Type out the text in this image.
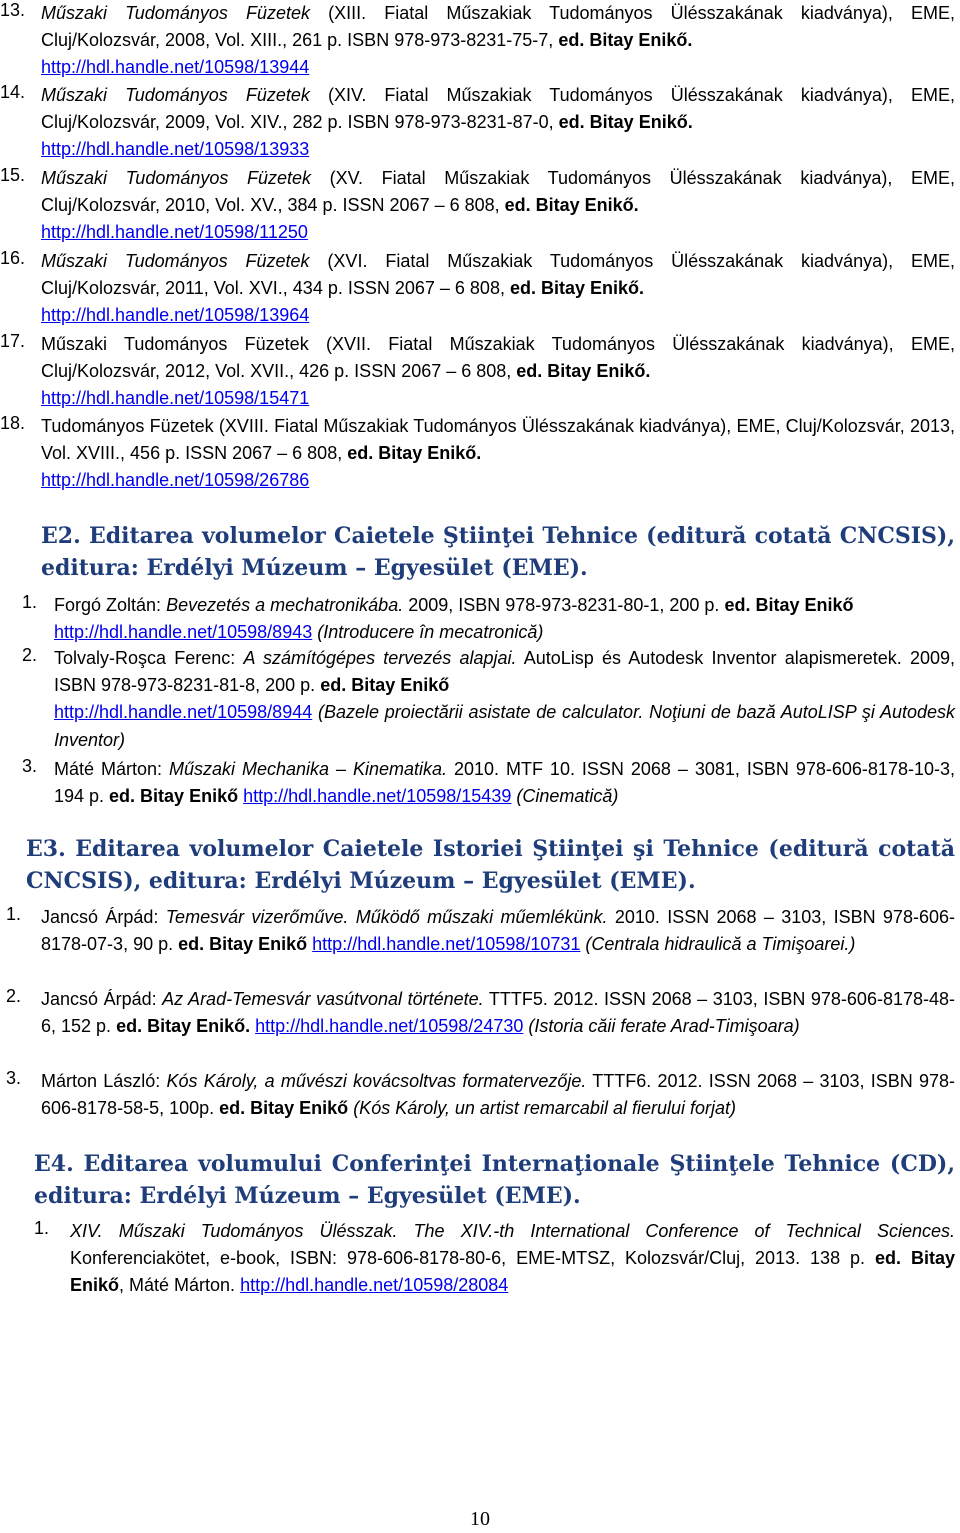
13. Műszaki Tudományos Füzetek (XIII. Fiatal Műszakiak Tudományos Ülésszakának kiadványa), EME, Cluj/Kolozsvár, 2008, Vol. XIII., 261 p. ISBN 978-973-8231-75-7, ed. Bitay Enikő.
http://hdl.handle.net/10598/13944
14. Műszaki Tudományos Füzetek (XIV. Fiatal Műszakiak Tudományos Ülésszakának kiadványa), EME, Cluj/Kolozsvár, 2009, Vol. XIV., 282 p. ISBN 978-973-8231-87-0, ed. Bitay Enikő.
http://hdl.handle.net/10598/13933
15. Műszaki Tudományos Füzetek (XV. Fiatal Műszakiak Tudományos Ülésszakának kiadványa), EME, Cluj/Kolozsvár, 2010, Vol. XV., 384 p. ISSN 2067 – 6 808, ed. Bitay Enikő.
http://hdl.handle.net/10598/11250
16. Műszaki Tudományos Füzetek (XVI. Fiatal Műszakiak Tudományos Ülésszakának kiadványa), EME, Cluj/Kolozsvár, 2011, Vol. XVI., 434 p. ISSN 2067 – 6 808, ed. Bitay Enikő.
http://hdl.handle.net/10598/13964
17. Műszaki Tudományos Füzetek (XVII. Fiatal Műszakiak Tudományos Ülésszakának kiadványa), EME, Cluj/Kolozsvár, 2012, Vol. XVII., 426 p. ISSN 2067 – 6 808, ed. Bitay Enikő.
http://hdl.handle.net/10598/15471
18. Tudományos Füzetek (XVIII. Fiatal Műszakiak Tudományos Ülésszakának kiadványa), EME, Cluj/Kolozsvár, 2013, Vol. XVIII., 456 p. ISSN 2067 – 6 808, ed. Bitay Enikő.
http://hdl.handle.net/10598/26786
E2. Editarea volumelor Caietele Ştiinţei Tehnice (editură cotată CNCSIS), editura: Erdélyi Múzeum – Egyesület (EME).
1. Forgó Zoltán: Bevezetés a mechatronikába. 2009, ISBN 978-973-8231-80-1, 200 p. ed. Bitay Enikő
http://hdl.handle.net/10598/8943 (Introducere în mecatronică)
2. Tolvaly-Roşca Ferenc: A számítógépes tervezés alapjai. AutoLisp és Autodesk Inventor alapismeretek. 2009, ISBN 978-973-8231-81-8, 200 p. ed. Bitay Enikő
http://hdl.handle.net/10598/8944 (Bazele proiectării asistate de calculator. Noţiuni de bază AutoLISP şi Autodesk Inventor)
3. Máté Márton: Műszaki Mechanika – Kinematika. 2010. MTF 10. ISSN 2068 – 3081, ISBN 978-606-8178-10-3, 194 p. ed. Bitay Enikő http://hdl.handle.net/10598/15439 (Cinematică)
E3. Editarea volumelor Caietele Istoriei Ştiinţei şi Tehnice (editură cotată CNCSIS), editura: Erdélyi Múzeum – Egyesület (EME).
1. Jancsó Árpád: Temesvár vizerőműve. Működő műszaki műemlékünk. 2010. ISSN 2068 – 3103, ISBN 978-606-8178-07-3, 90 p. ed. Bitay Enikő http://hdl.handle.net/10598/10731 (Centrala hidraulică a Timişoarei.)
2. Jancsó Árpád: Az Arad-Temesvár vasútvonal története. TTTF5. 2012. ISSN 2068 – 3103, ISBN 978-606-8178-48-6, 152 p. ed. Bitay Enikő. http://hdl.handle.net/10598/24730 (Istoria căii ferate Arad-Timişoara)
3. Márton László: Kós Károly, a művészi kovácsoltvas formatervezője. TTTF6. 2012. ISSN 2068 – 3103, ISBN 978-606-8178-58-5, 100p. ed. Bitay Enikő (Kós Károly, un artist remarcabil al fierului forjat)
E4. Editarea volumului Conferinţei Internaţionale Ştiinţele Tehnice (CD), editura: Erdélyi Múzeum – Egyesület (EME).
1. XIV. Műszaki Tudományos Ülésszak. The XIV.-th International Conference of Technical Sciences. Konferenciakötet, e-book, ISBN: 978-606-8178-80-6, EME-MTSZ, Kolozsvár/Cluj, 2013. 138 p. ed. Bitay Enikő, Máté Márton. http://hdl.handle.net/10598/28084
10
